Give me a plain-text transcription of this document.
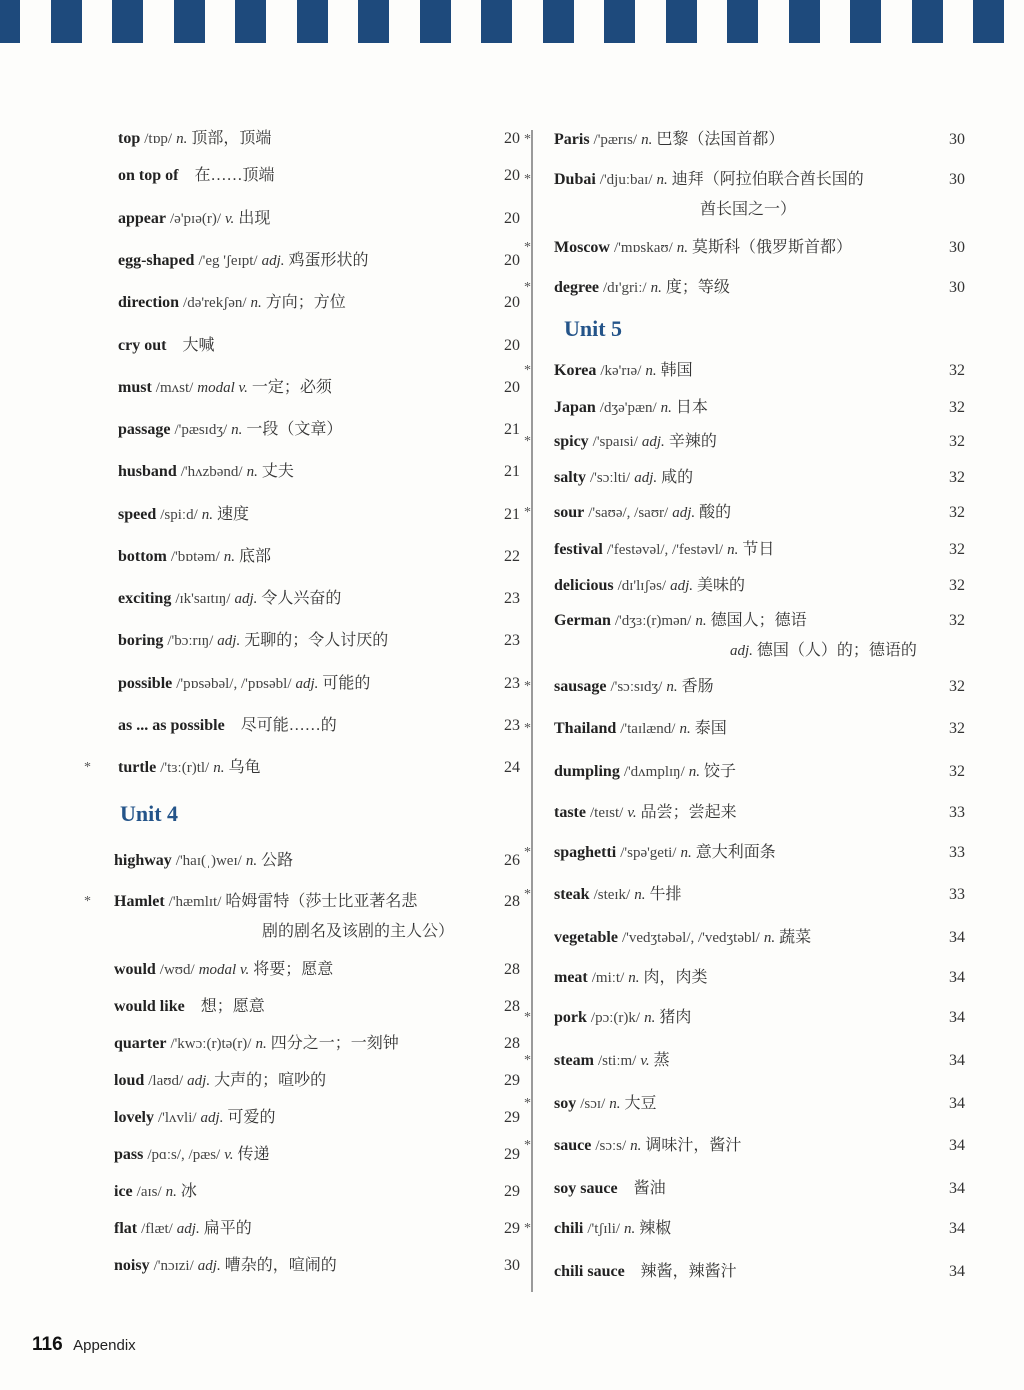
Unit 4
top /tɒp/ n. 顶部，顶端	20
on top of 在……顶端	20
appear /ə'pɪə(r)/ v. 出现	20
egg-shaped /'eg 'ʃeɪpt/ adj. 鸡蛋形状的	20
direction /də'rekʃən/ n. 方向；方位	20
cry out 大喊	20
must /mʌst/ modal v. 一定；必须	20
passage /'pæsɪdʒ/ n. 一段（文章）	21
husband /'hʌzbənd/ n. 丈夫	21
speed /spiːd/ n. 速度	21
bottom /'bɒtəm/ n. 底部	22
exciting /ɪk'saɪtɪŋ/ adj. 令人兴奋的	23
boring /'bɔːrɪŋ/ adj. 无聊的；令人讨厌的	23
possible /'pɒsəbəl/, /'pɒsəbl/ adj. 可能的	23
as ... as possible 尽可能……的	23
* turtle /'tɜː(r)tl/ n. 乌龟	24
highway /'haɪ(ˌ)weɪ/ n. 公路	26
* Hamlet /'hæmlɪt/ 哈姆雷特（莎士比亚著名悲	28
剧的剧名及该剧的主人公）
would /wʊd/ modal v. 将要；愿意	28
would like 想；愿意	28
quarter /'kwɔː(r)tə(r)/ n. 四分之一；一刻钟	28
loud /laʊd/ adj. 大声的；喧吵的	29
lovely /'lʌvli/ adj. 可爱的	29
pass /pɑːs/, /pæs/ v. 传递	29
ice /aɪs/ n. 冰	29
flat /flæt/ adj. 扁平的	29
noisy /'nɔɪzi/ adj. 嘈杂的，喧闹的	30
Unit 5
* Paris /'pærɪs/ n. 巴黎（法国首都）	30
* Dubai /'djuːbaɪ/ n. 迪拜（阿拉伯联合酋长国的	30
酋长国之一）
* Moscow /'mɒskaʊ/ n. 莫斯科（俄罗斯首都）	30
* degree /dɪ'griː/ n. 度；等级	30
* Korea /kə'rɪə/ n. 韩国	32
Japan /dʒə'pæn/ n. 日本	32
* spicy /'spaɪsi/ adj. 辛辣的	32
salty /'sɔːlti/ adj. 咸的	32
* sour /'saʊə/, /saʊr/ adj. 酸的	32
festival /'festəvəl/, /'festəvl/ n. 节日	32
delicious /dɪ'lɪʃəs/ adj. 美味的	32
German /'dʒɜː(r)mən/ n. 德国人；德语	32
adj. 德国（人）的；德语的
* sausage /'sɔːsɪdʒ/ n. 香肠	32
* Thailand /'taɪlænd/ n. 泰国	32
dumpling /'dʌmplɪŋ/ n. 饺子	32
taste /teɪst/ v. 品尝；尝起来	33
* spaghetti /'spə'geti/ n. 意大利面条	33
* steak /steɪk/ n. 牛排	33
vegetable /'vedʒtəbəl/, /'vedʒtəbl/ n. 蔬菜	34
meat /miːt/ n. 肉，肉类	34
* pork /pɔː(r)k/ n. 猪肉	34
* steam /stiːm/ v. 蒸	34
* soy /sɔɪ/ n. 大豆	34
* sauce /sɔːs/ n. 调味汁，酱汁	34
soy sauce 酱油	34
* chili /'tʃɪli/ n. 辣椒	34
chili sauce 辣酱，辣酱汁	34
116 Appendix
